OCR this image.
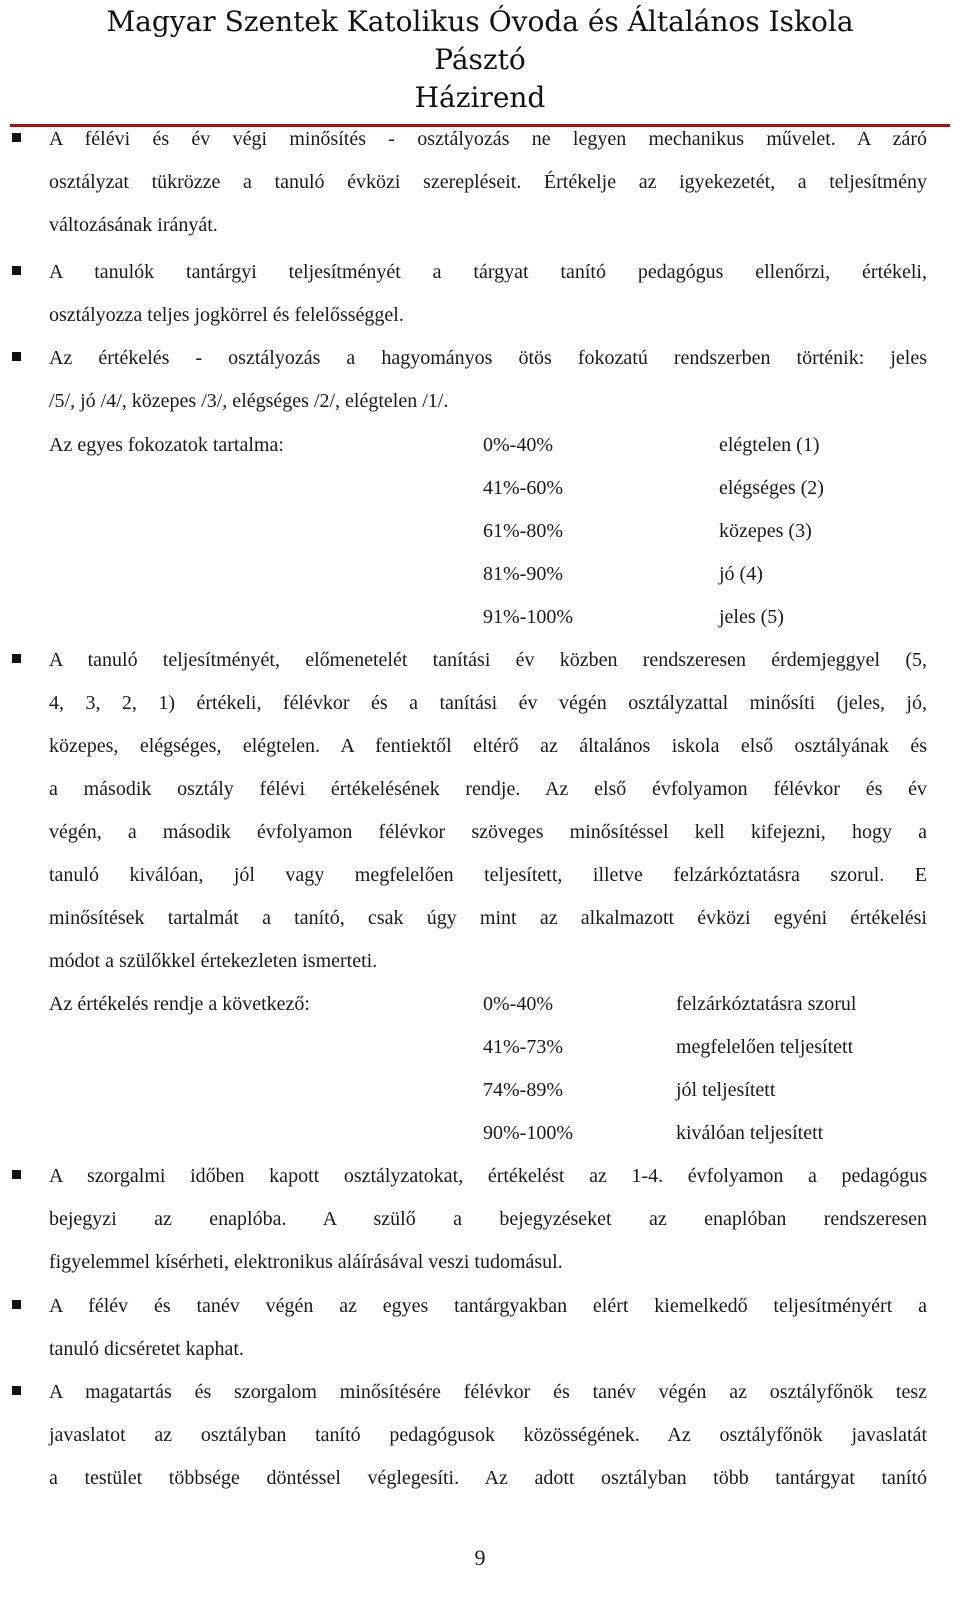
Magyar Szentek Katolikus Óvoda és Általános Iskola
Pásztó
Házirend
A félévi és év végi minősítés - osztályozás ne legyen mechanikus művelet. A záró
osztályzat tükrözze a tanuló évközi szerepléseit. Értékelje az igyekezetét, a teljesítmény
változásának irányát.
A tanulók tantárgyi teljesítményét a tárgyat tanító pedagógus ellenőrzi, értékeli,
osztályozza teljes jogkörrel és felelősséggel.
Az értékelés - osztályozás a hagyományos ötös fokozatú rendszerben történik: jeles
/5/, jó /4/, közepes /3/, elégséges /2/, elégtelen /1/.
Az egyes fokozatok tartalma:	0%-40%	elégtelen (1)
41%-60%	elégséges (2)
61%-80%	közepes (3)
81%-90%	jó (4)
91%-100%	jeles (5)
A tanuló teljesítményét, előmenetelét tanítási év közben rendszeresen érdemjeggyel (5,
4, 3, 2, 1) értékeli, félévkor és a tanítási év végén osztályzattal minősíti (jeles, jó,
közepes, elégséges, elégtelen. A fentiektől eltérő az általános iskola első osztályának és
a második osztály félévi értékelésének rendje. Az első évfolyamon félévkor és év
végén, a második évfolyamon félévkor szöveges minősítéssel kell kifejezni, hogy a
tanuló kiválóan, jól vagy megfelelően teljesített, illetve felzárkóztatásra szorul. E
minősítések tartalmát a tanító, csak úgy mint az alkalmazott évközi egyéni értékelési
módot a szülőkkel értekezleten ismerteti.
Az értékelés rendje a következő:	0%-40%	felzárkóztatásra szorul
41%-73%	megfelelően teljesített
74%-89%	jól teljesített
90%-100%	kiválóan teljesített
A szorgalmi időben kapott osztályzatokat, értékelést az 1-4. évfolyamon a pedagógus
bejegyzi az enaplóba. A szülő a bejegyzéseket az enaplóban rendszeresen
figyelemmel kísérheti, elektronikus aláírásával veszi tudomásul.
A félév és tanév végén az egyes tantárgyakban elért kiemelkedő teljesítményért a
tanuló dicséretet kaphat.
A magatartás és szorgalom minősítésére félévkor és tanév végén az osztályfőnök tesz
javaslatot az osztályban tanító pedagógusok közösségének. Az osztályfőnök javaslatát
a testület többsége döntéssel véglegesíti. Az adott osztályban több tantárgyat tanító
9
